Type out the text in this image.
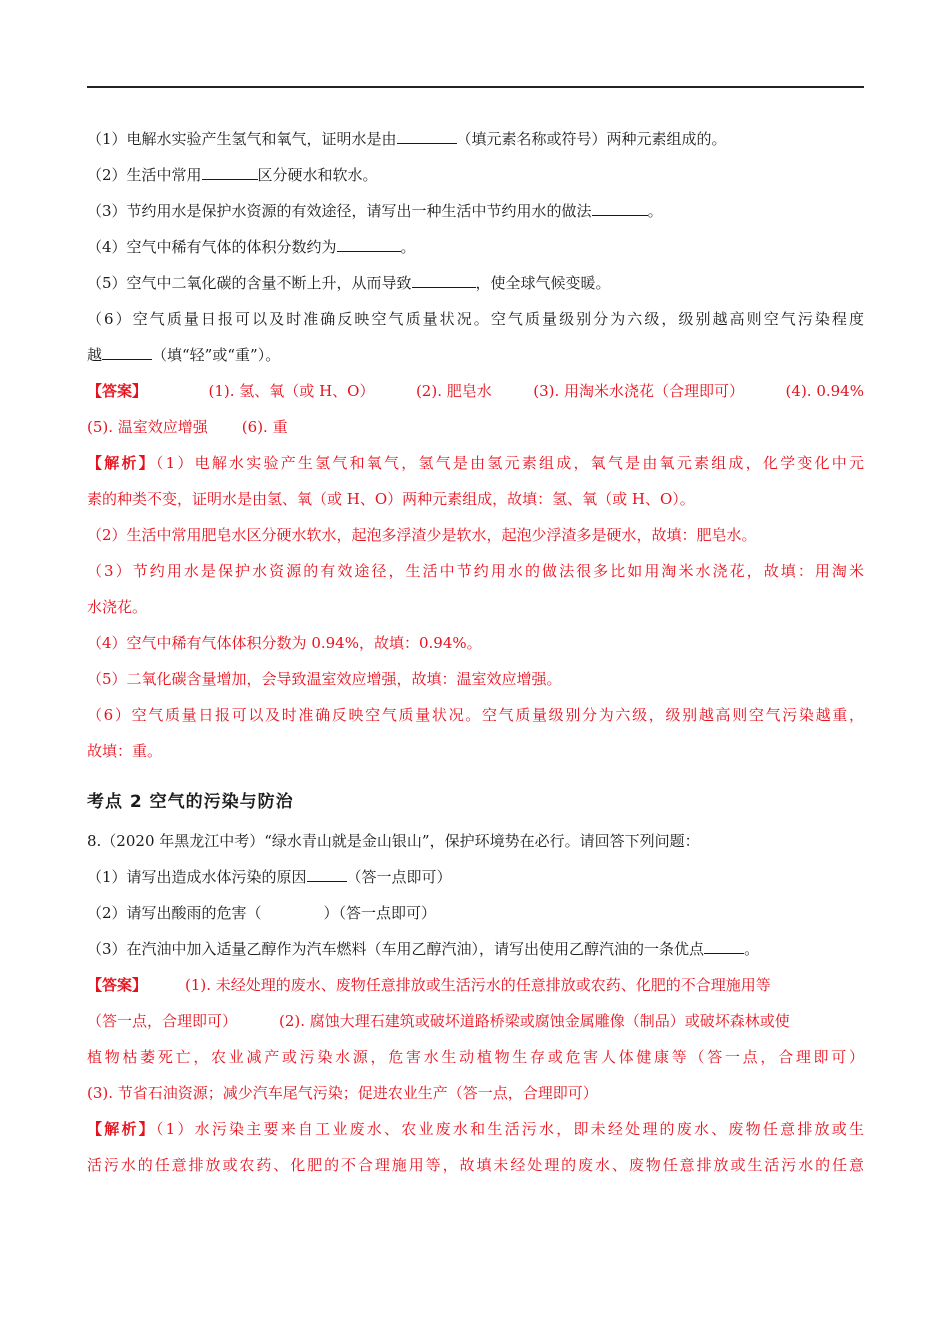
（1）电解水实验产生氢气和氧气，证明水是由	（填元素名称或符号）两种元素组成的。
（2）生活中常用	区分硬水和软水。
（3）节约用水是保护水资源的有效途径，请写出一种生活中节约用水的做法	。
（4）空气中稀有气体的体积分数约为	。
（5）空气中二氧化碳的含量不断上升，从而导致	，使全球气候变暖。
（6）空气质量日报可以及时准确反映空气质量状况。空气质量级别分为六级，级别越高则空气污染程度
越	（填“轻”或“重”）。
【答案】	(1). 氢、氧（或 H、O）	(2). 肥皂水	(3). 用淘米水浇花（合理即可）	(4). 0.94%
(5). 温室效应增强 (6). 重
【解析】（1）电解水实验产生氢气和氧气，氢气是由氢元素组成，氧气是由氧元素组成，化学变化中元
素的种类不变，证明水是由氢、氧（或 H、O）两种元素组成，故填：氢、氧（或 H、O）。
（2）生活中常用肥皂水区分硬水软水，起泡多浮渣少是软水，起泡少浮渣多是硬水，故填：肥皂水。
（3）节约用水是保护水资源的有效途径，生活中节约用水的做法很多比如用淘米水浇花，故填：用淘米
水浇花。
（4）空气中稀有气体体积分数为 0.94%，故填：0.94%。
（5）二氧化碳含量增加，会导致温室效应增强，故填：温室效应增强。
（6）空气质量日报可以及时准确反映空气质量状况。空气质量级别分为六级，级别越高则空气污染越重，
故填：重。
考点 2 空气的污染与防治
8.（2020 年黑龙江中考）“绿水青山就是金山银山”，保护环境势在必行。请回答下列问题：
（1）请写出造成水体污染的原因	（答一点即可）
（2）请写出酸雨的危害（	）（答一点即可）
（3）在汽油中加入适量乙醇作为汽车燃料（车用乙醇汽油），请写出使用乙醇汽油的一条优点	。
【答案】	(1). 未经处理的废水、废物任意排放或生活污水的任意排放或农药、化肥的不合理施用等
（答一点，合理即可）	(2). 腐蚀大理石建筑或破坏道路桥梁或腐蚀金属雕像（制品）或破坏森林或使
植物枯萎死亡，农业减产或污染水源，危害水生动植物生存或危害人体健康等（答一点，合理即可）
(3). 节省石油资源；减少汽车尾气污染；促进农业生产（答一点，合理即可）
【解析】（1）水污染主要来自工业废水、农业废水和生活污水，即未经处理的废水、废物任意排放或生
活污水的任意排放或农药、化肥的不合理施用等，故填未经处理的废水、废物任意排放或生活污水的任意
